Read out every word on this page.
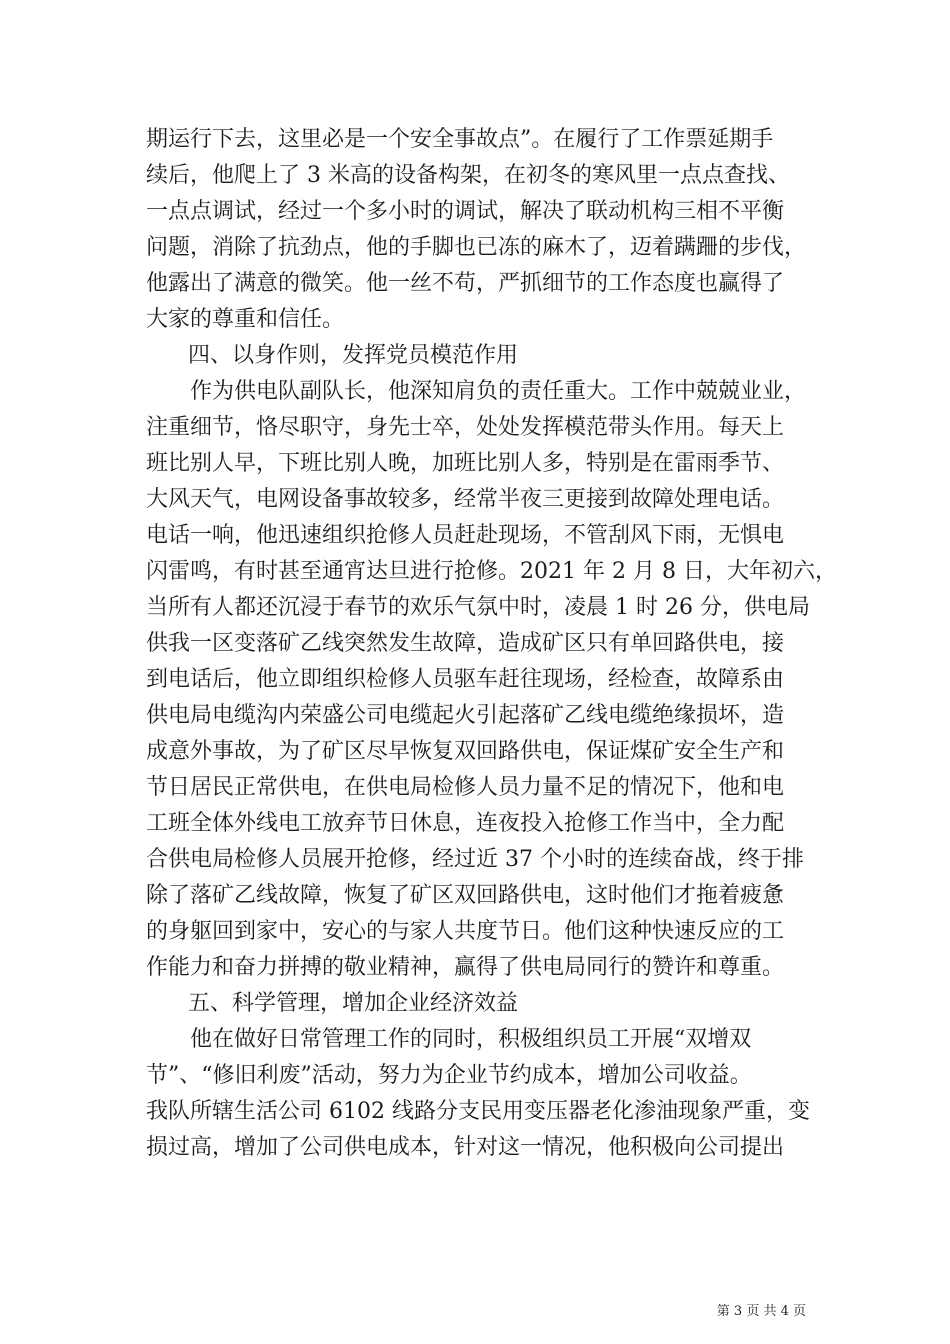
期运行下去，这里必是一个安全事故点”。在履行了工作票延期手
续后，他爬上了 3 米高的设备构架，在初冬的寒风里一点点查找、
一点点调试，经过一个多小时的调试，解决了联动机构三相不平衡
问题，消除了抗劲点，他的手脚也已冻的麻木了，迈着蹒跚的步伐，
他露出了满意的微笑。他一丝不苟，严抓细节的工作态度也赢得了
大家的尊重和信任。
四、以身作则，发挥党员模范作用
作为供电队副队长，他深知肩负的责任重大。工作中兢兢业业，
注重细节，恪尽职守，身先士卒，处处发挥模范带头作用。每天上
班比别人早，下班比别人晚，加班比别人多，特别是在雷雨季节、
大风天气，电网设备事故较多，经常半夜三更接到故障处理电话。
电话一响，他迅速组织抢修人员赶赴现场，不管刮风下雨，无惧电
闪雷鸣，有时甚至通宵达旦进行抢修。2021 年 2 月 8 日，大年初六，
当所有人都还沉浸于春节的欢乐气氛中时，凌晨 1 时 26 分，供电局
供我一区变落矿乙线突然发生故障，造成矿区只有单回路供电，接
到电话后，他立即组织检修人员驱车赶往现场，经检查，故障系由
供电局电缆沟内荣盛公司电缆起火引起落矿乙线电缆绝缘损坏，造
成意外事故，为了矿区尽早恢复双回路供电，保证煤矿安全生产和
节日居民正常供电，在供电局检修人员力量不足的情况下，他和电
工班全体外线电工放弃节日休息，连夜投入抢修工作当中，全力配
合供电局检修人员展开抢修，经过近 37 个小时的连续奋战，终于排
除了落矿乙线故障，恢复了矿区双回路供电，这时他们才拖着疲惫
的身躯回到家中，安心的与家人共度节日。他们这种快速反应的工
作能力和奋力拼搏的敬业精神，赢得了供电局同行的赞许和尊重。
五、科学管理，增加企业经济效益
他在做好日常管理工作的同时，积极组织员工开展“双增双
节”、“修旧利废”活动，努力为企业节约成本，增加公司收益。
我队所辖生活公司 6102 线路分支民用变压器老化渗油现象严重，变
损过高，增加了公司供电成本，针对这一情况，他积极向公司提出
第 3 页 共 4 页
